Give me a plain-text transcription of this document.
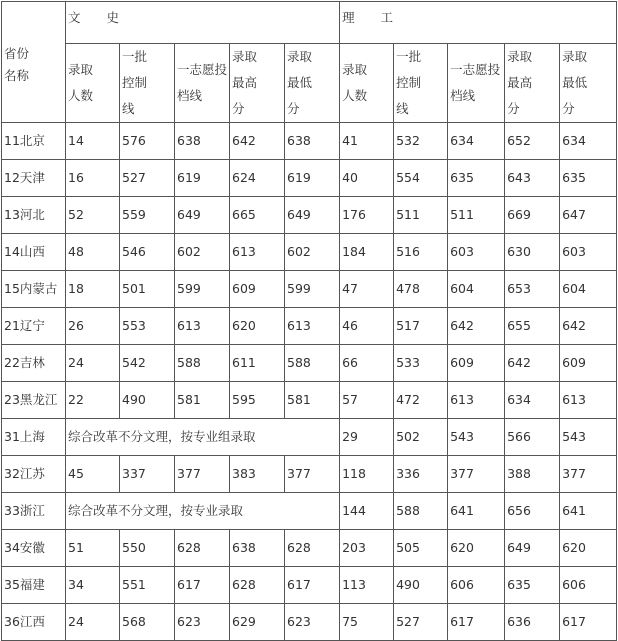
省份名称	文 史					理 工				

	录取人数	一批控制线	一志愿投档线	录取最高分	录取最低分	录取人数	一批控制线	一志愿投档线	录取最高分	录取最低分

11北京	14	576	638	642	638	41	532	634	652	634
12天津	16	527	619	624	619	40	554	635	643	635
13河北	52	559	649	665	649	176	511	511	669	647
14山西	48	546	602	613	602	184	516	603	630	603
15内蒙古	18	501	599	609	599	47	478	604	653	604
21辽宁	26	553	613	620	613	46	517	642	655	642
22吉林	24	542	588	611	588	66	533	609	642	609
23黑龙江	22	490	581	595	581	57	472	613	634	613
31上海	综合改革不分文理，按专业组录取					29	502	543	566	543
32江苏	45	337	377	383	377	118	336	377	388	377
33浙江	综合改革不分文理，按专业录取					144	588	641	656	641
34安徽	51	550	628	638	628	203	505	620	649	620
35福建	34	551	617	628	617	113	490	606	635	606
36江西	24	568	623	629	623	75	527	617	636	617
